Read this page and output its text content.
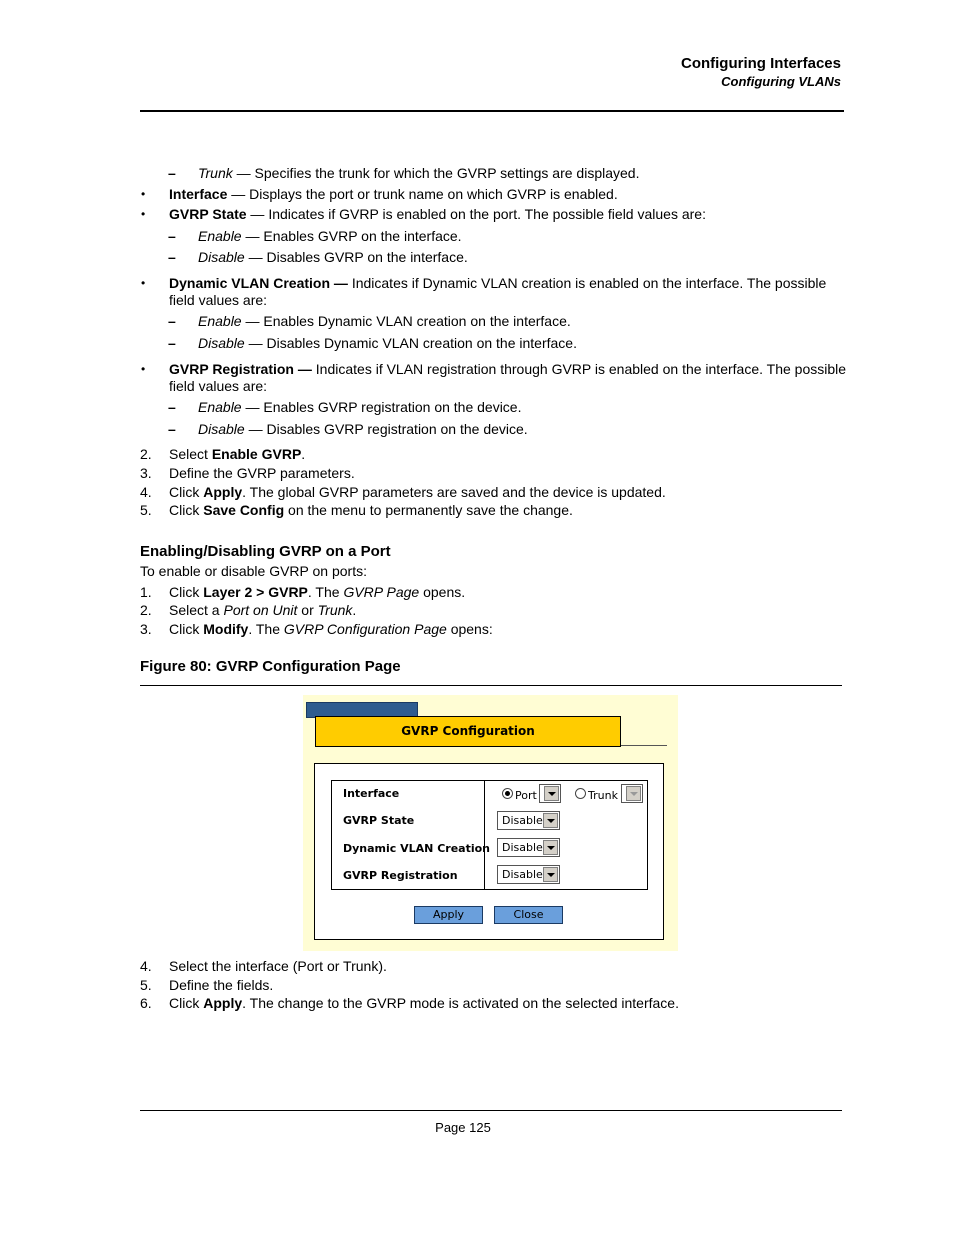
Configuring Interfaces
Configuring VLANs
– Trunk — Specifies the trunk for which the GVRP settings are displayed.
• Interface — Displays the port or trunk name on which GVRP is enabled.
• GVRP State — Indicates if GVRP is enabled on the port. The possible field values are:
– Enable — Enables GVRP on the interface.
– Disable — Disables GVRP on the interface.
• Dynamic VLAN Creation — Indicates if Dynamic VLAN creation is enabled on the interface. The possible
field values are:
– Enable — Enables Dynamic VLAN creation on the interface.
– Disable — Disables Dynamic VLAN creation on the interface.
• GVRP Registration — Indicates if VLAN registration through GVRP is enabled on the interface. The possible
field values are:
– Enable — Enables GVRP registration on the device.
– Disable — Disables GVRP registration on the device.
2. Select Enable GVRP.
3. Define the GVRP parameters.
4. Click Apply. The global GVRP parameters are saved and the device is updated.
5. Click Save Config on the menu to permanently save the change.
Enabling/Disabling GVRP on a Port
To enable or disable GVRP on ports:
1. Click Layer 2 > GVRP. The GVRP Page opens.
2. Select a Port on Unit or Trunk.
3. Click Modify. The GVRP Configuration Page opens:
Figure 80: GVRP Configuration Page
GVRP Configuration
Interface
GVRP State
Dynamic VLAN Creation
GVRP Registration
Port	Trunk
Disable
Disable
Disable
Apply	Close
4. Select the interface (Port or Trunk).
5. Define the fields.
6. Click Apply. The change to the GVRP mode is activated on the selected interface.
Page 125
